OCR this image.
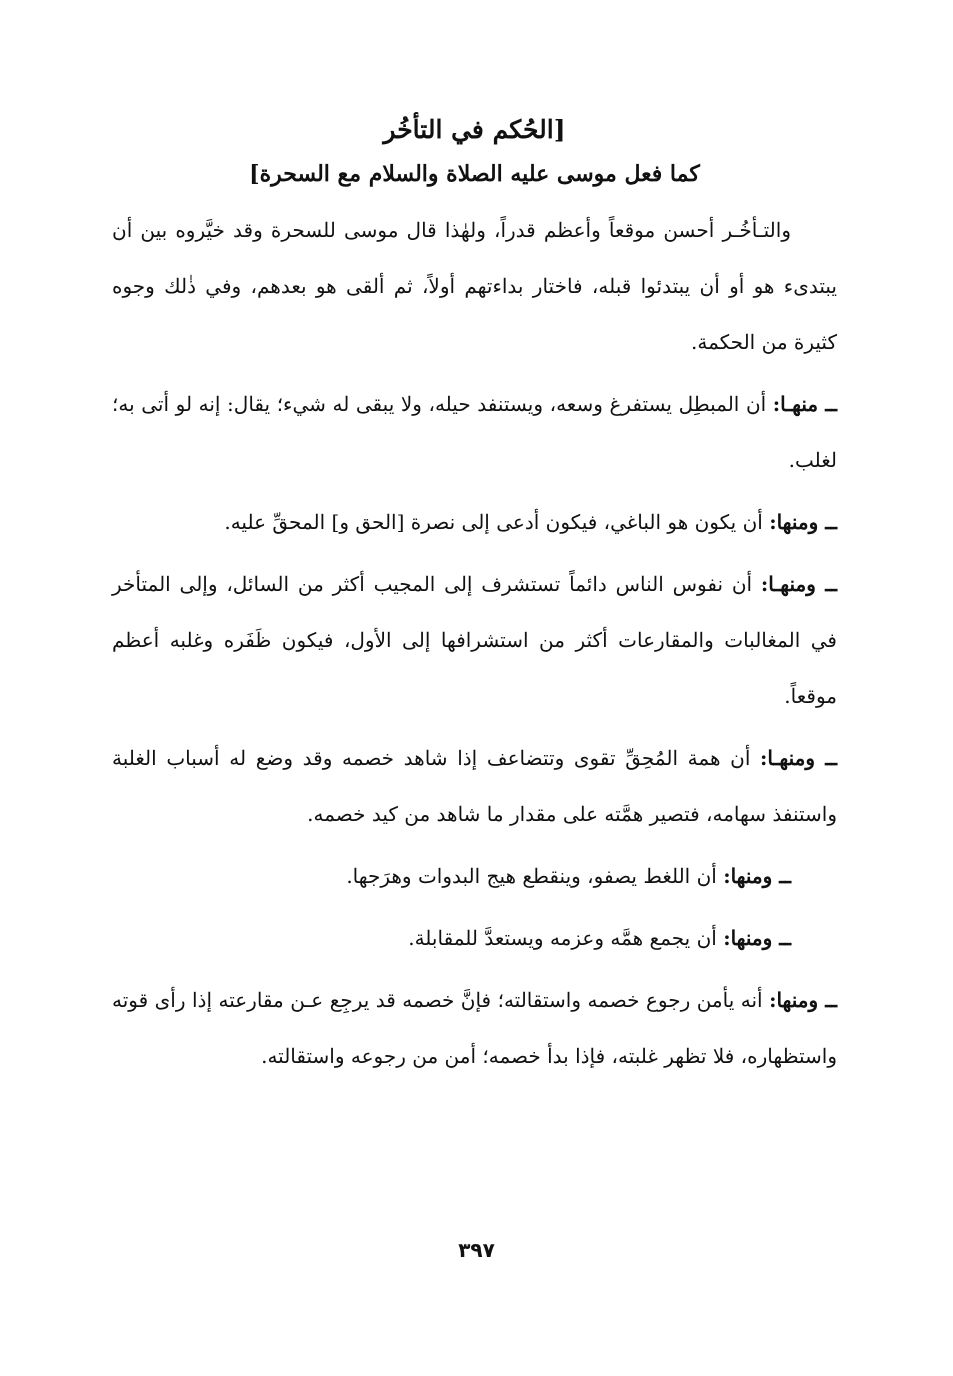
[الحُكم في التأخُر
كما فعل موسى عليه الصلاة والسلام مع السحرة]

والتـأخُـر أحسن موقعاً وأعظم قدراً، ولهٰذا قال موسى للسحرة وقد خيَّروه بين أن يبتدىء هو أو أن يبتدئوا قبله، فاختار بداءتهم أولاً، ثم ألقى هو بعدهم، وفي ذٰلك وجوه كثيرة من الحكمة.

ــ منهـا: أن المبطِل يستفرغ وسعه، ويستنفد حيله، ولا يبقى له شيء؛ يقال: إنه لو أتى به؛ لغلب.

ــ ومنها: أن يكون هو الباغي، فيكون أدعى إلى نصرة [الحق و] المحقِّ عليه.

ــ ومنهـا: أن نفوس الناس دائماً تستشرف إلى المجيب أكثر من السائل، وإلى المتأخر في المغالبات والمقارعات أكثر من استشرافها إلى الأول، فيكون ظَفَره وغلبه أعظم موقعاً.

ــ ومنهـا: أن همة المُحِقِّ تقوى وتتضاعف إذا شاهد خصمه وقد وضع له أسباب الغلبة واستنفذ سهامه، فتصير همَّته على مقدار ما شاهد من كيد خصمه.

ــ ومنها: أن اللغط يصفو، وينقطع هيج البدوات وهرَجها.

ــ ومنها: أن يجمع همَّه وعزمه ويستعدَّ للمقابلة.

ــ ومنها: أنه يأمن رجوع خصمه واستقالته؛ فإنَّ خصمه قد يرجِع عـن مقارعته إذا رأى قوته واستظهاره، فلا تظهر غلبته، فإذا بدأ خصمه؛ أمن من رجوعه واستقالته.

٣٩٧
